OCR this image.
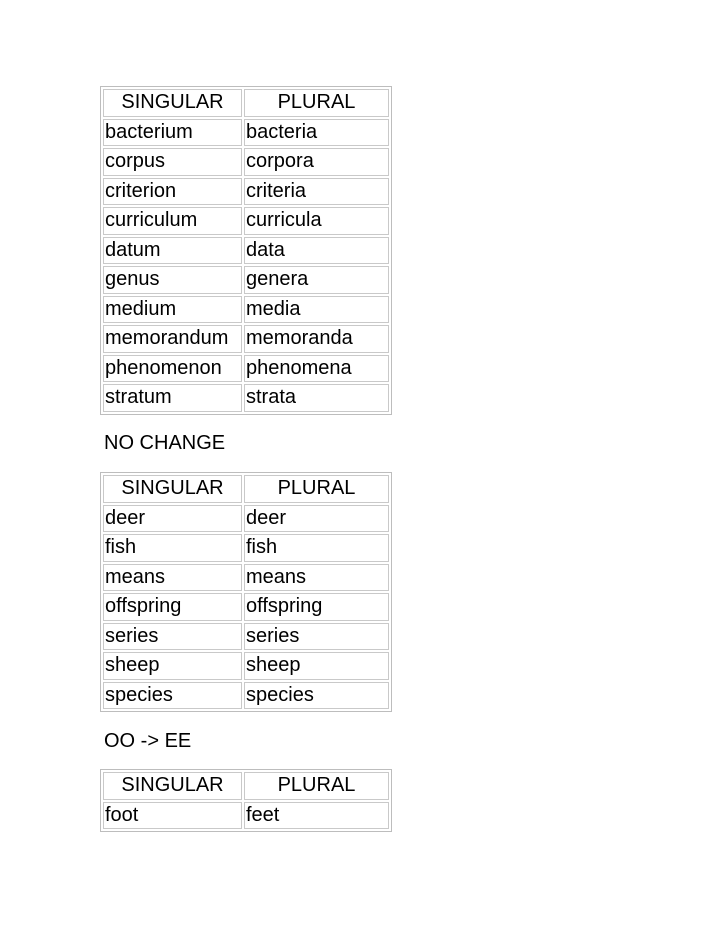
SINGULAR	PLURAL
bacterium	bacteria
corpus	corpora
criterion	criteria
curriculum	curricula
datum	data
genus	genera
medium	media
memorandum memoranda
phenomenon	phenomena
stratum	strata
NO CHANGE
SINGULAR	PLURAL
deer	deer
fish	fish
means	means
offspring	offspring
series	series
sheep	sheep
species	species
OO -> EE
SINGULAR	PLURAL
foot	feet
